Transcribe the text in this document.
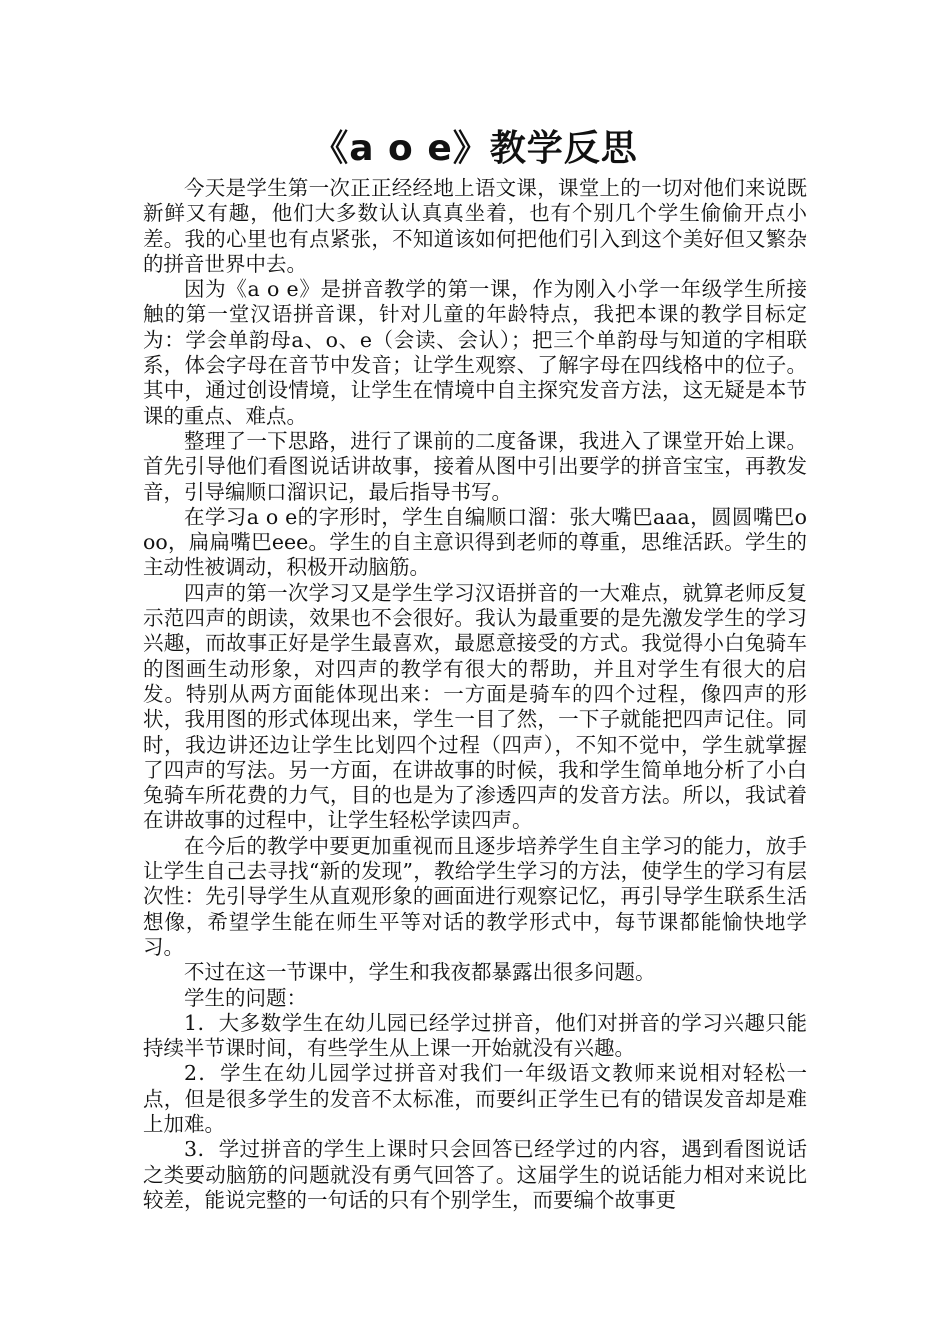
《a o e》教学反思

今天是学生第一次正正经经地上语文课，课堂上的一切对他们来说既新鲜又有趣，他们大多数认认真真坐着，也有个别几个学生偷偷开点小差。我的心里也有点紧张，不知道该如何把他们引入到这个美好但又繁杂的拼音世界中去。

因为《a o e》是拼音教学的第一课，作为刚入小学一年级学生所接触的第一堂汉语拼音课，针对儿童的年龄特点，我把本课的教学目标定为：学会单韵母a、o、e（会读、会认）；把三个单韵母与知道的字相联系，体会字母在音节中发音；让学生观察、了解字母在四线格中的位子。其中，通过创设情境，让学生在情境中自主探究发音方法，这无疑是本节课的重点、难点。

整理了一下思路，进行了课前的二度备课，我进入了课堂开始上课。首先引导他们看图说话讲故事，接着从图中引出要学的拼音宝宝，再教发音，引导编顺口溜识记，最后指导书写。

在学习a o e的字形时，学生自编顺口溜：张大嘴巴aaa，圆圆嘴巴ooo，扁扁嘴巴eee。学生的自主意识得到老师的尊重，思维活跃。学生的主动性被调动，积极开动脑筋。

四声的第一次学习又是学生学习汉语拼音的一大难点，就算老师反复示范四声的朗读，效果也不会很好。我认为最重要的是先激发学生的学习兴趣，而故事正好是学生最喜欢，最愿意接受的方式。我觉得小白兔骑车的图画生动形象，对四声的教学有很大的帮助，并且对学生有很大的启发。特别从两方面能体现出来：一方面是骑车的四个过程，像四声的形状，我用图的形式体现出来，学生一目了然，一下子就能把四声记住。同时，我边讲还边让学生比划四个过程（四声），不知不觉中，学生就掌握了四声的写法。另一方面，在讲故事的时候，我和学生简单地分析了小白兔骑车所花费的力气，目的也是为了渗透四声的发音方法。所以，我试着在讲故事的过程中，让学生轻松学读四声。

在今后的教学中要更加重视而且逐步培养学生自主学习的能力，放手让学生自己去寻找“新的发现”，教给学生学习的方法，使学生的学习有层次性：先引导学生从直观形象的画面进行观察记忆，再引导学生联系生活想像，希望学生能在师生平等对话的教学形式中，每节课都能愉快地学习。

不过在这一节课中，学生和我夜都暴露出很多问题。

学生的问题：

1．大多数学生在幼儿园已经学过拼音，他们对拼音的学习兴趣只能持续半节课时间，有些学生从上课一开始就没有兴趣。

2．学生在幼儿园学过拼音对我们一年级语文教师来说相对轻松一点，但是很多学生的发音不太标准，而要纠正学生已有的错误发音却是难上加难。

3．学过拼音的学生上课时只会回答已经学过的内容，遇到看图说话之类要动脑筋的问题就没有勇气回答了。这届学生的说话能力相对来说比较差，能说完整的一句话的只有个别学生，而要编个故事更
